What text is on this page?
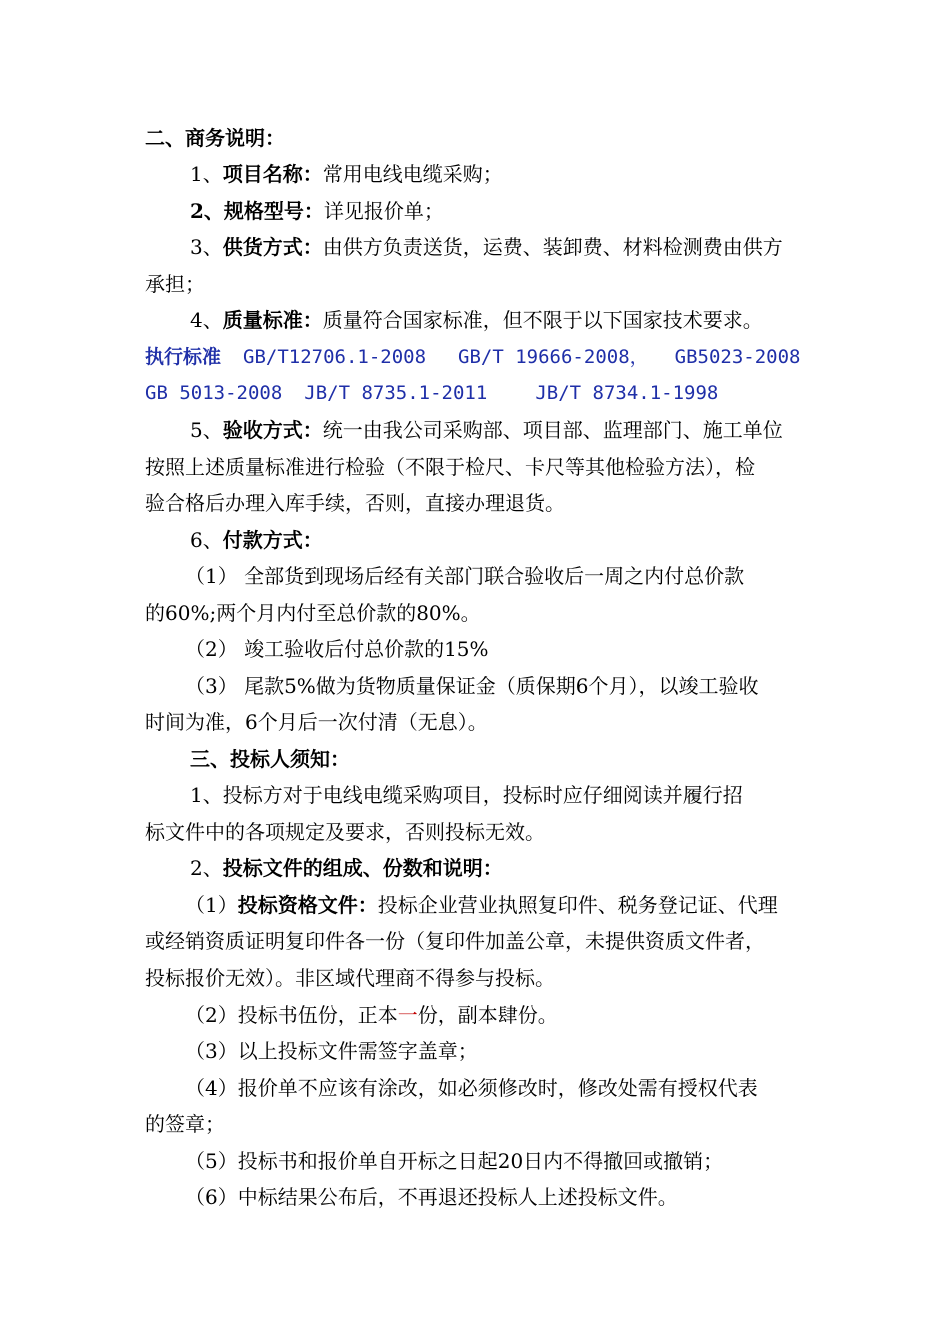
二、商务说明：
1、项目名称：常用电线电缆采购；
2、规格型号：详见报价单；
3、供货方式：由供方负责送货，运费、装卸费、材料检测费由供方
承担；
4、质量标准：质量符合国家标准，但不限于以下国家技术要求。
执行标准 GB/T12706.1-2008 GB/T 19666-2008， GB5023-2008
GB 5013-2008 JB/T 8735.1-2011	JB/T 8734.1-1998
5、验收方式：统一由我公司采购部、项目部、监理部门、施工单位
按照上述质量标准进行检验（不限于检尺、卡尺等其他检验方法），检
验合格后办理入库手续，否则，直接办理退货。
6、付款方式：
（1） 全部货到现场后经有关部门联合验收后一周之内付总价款
的60%;两个月内付至总价款的80%。
（2） 竣工验收后付总价款的15%
（3） 尾款5%做为货物质量保证金（质保期6个月），以竣工验收
时间为准，6个月后一次付清（无息）。
三、投标人须知：
1、投标方对于电线电缆采购项目，投标时应仔细阅读并履行招
标文件中的各项规定及要求，否则投标无效。
2、投标文件的组成、份数和说明：
（1）投标资格文件：投标企业营业执照复印件、税务登记证、代理
或经销资质证明复印件各一份（复印件加盖公章，未提供资质文件者，
投标报价无效）。非区域代理商不得参与投标。
（2）投标书伍份，正本一份，副本肆份。
（3）以上投标文件需签字盖章；
（4）报价单不应该有涂改，如必须修改时，修改处需有授权代表
的签章；
（5）投标书和报价单自开标之日起20日内不得撤回或撤销；
（6）中标结果公布后，不再退还投标人上述投标文件。
